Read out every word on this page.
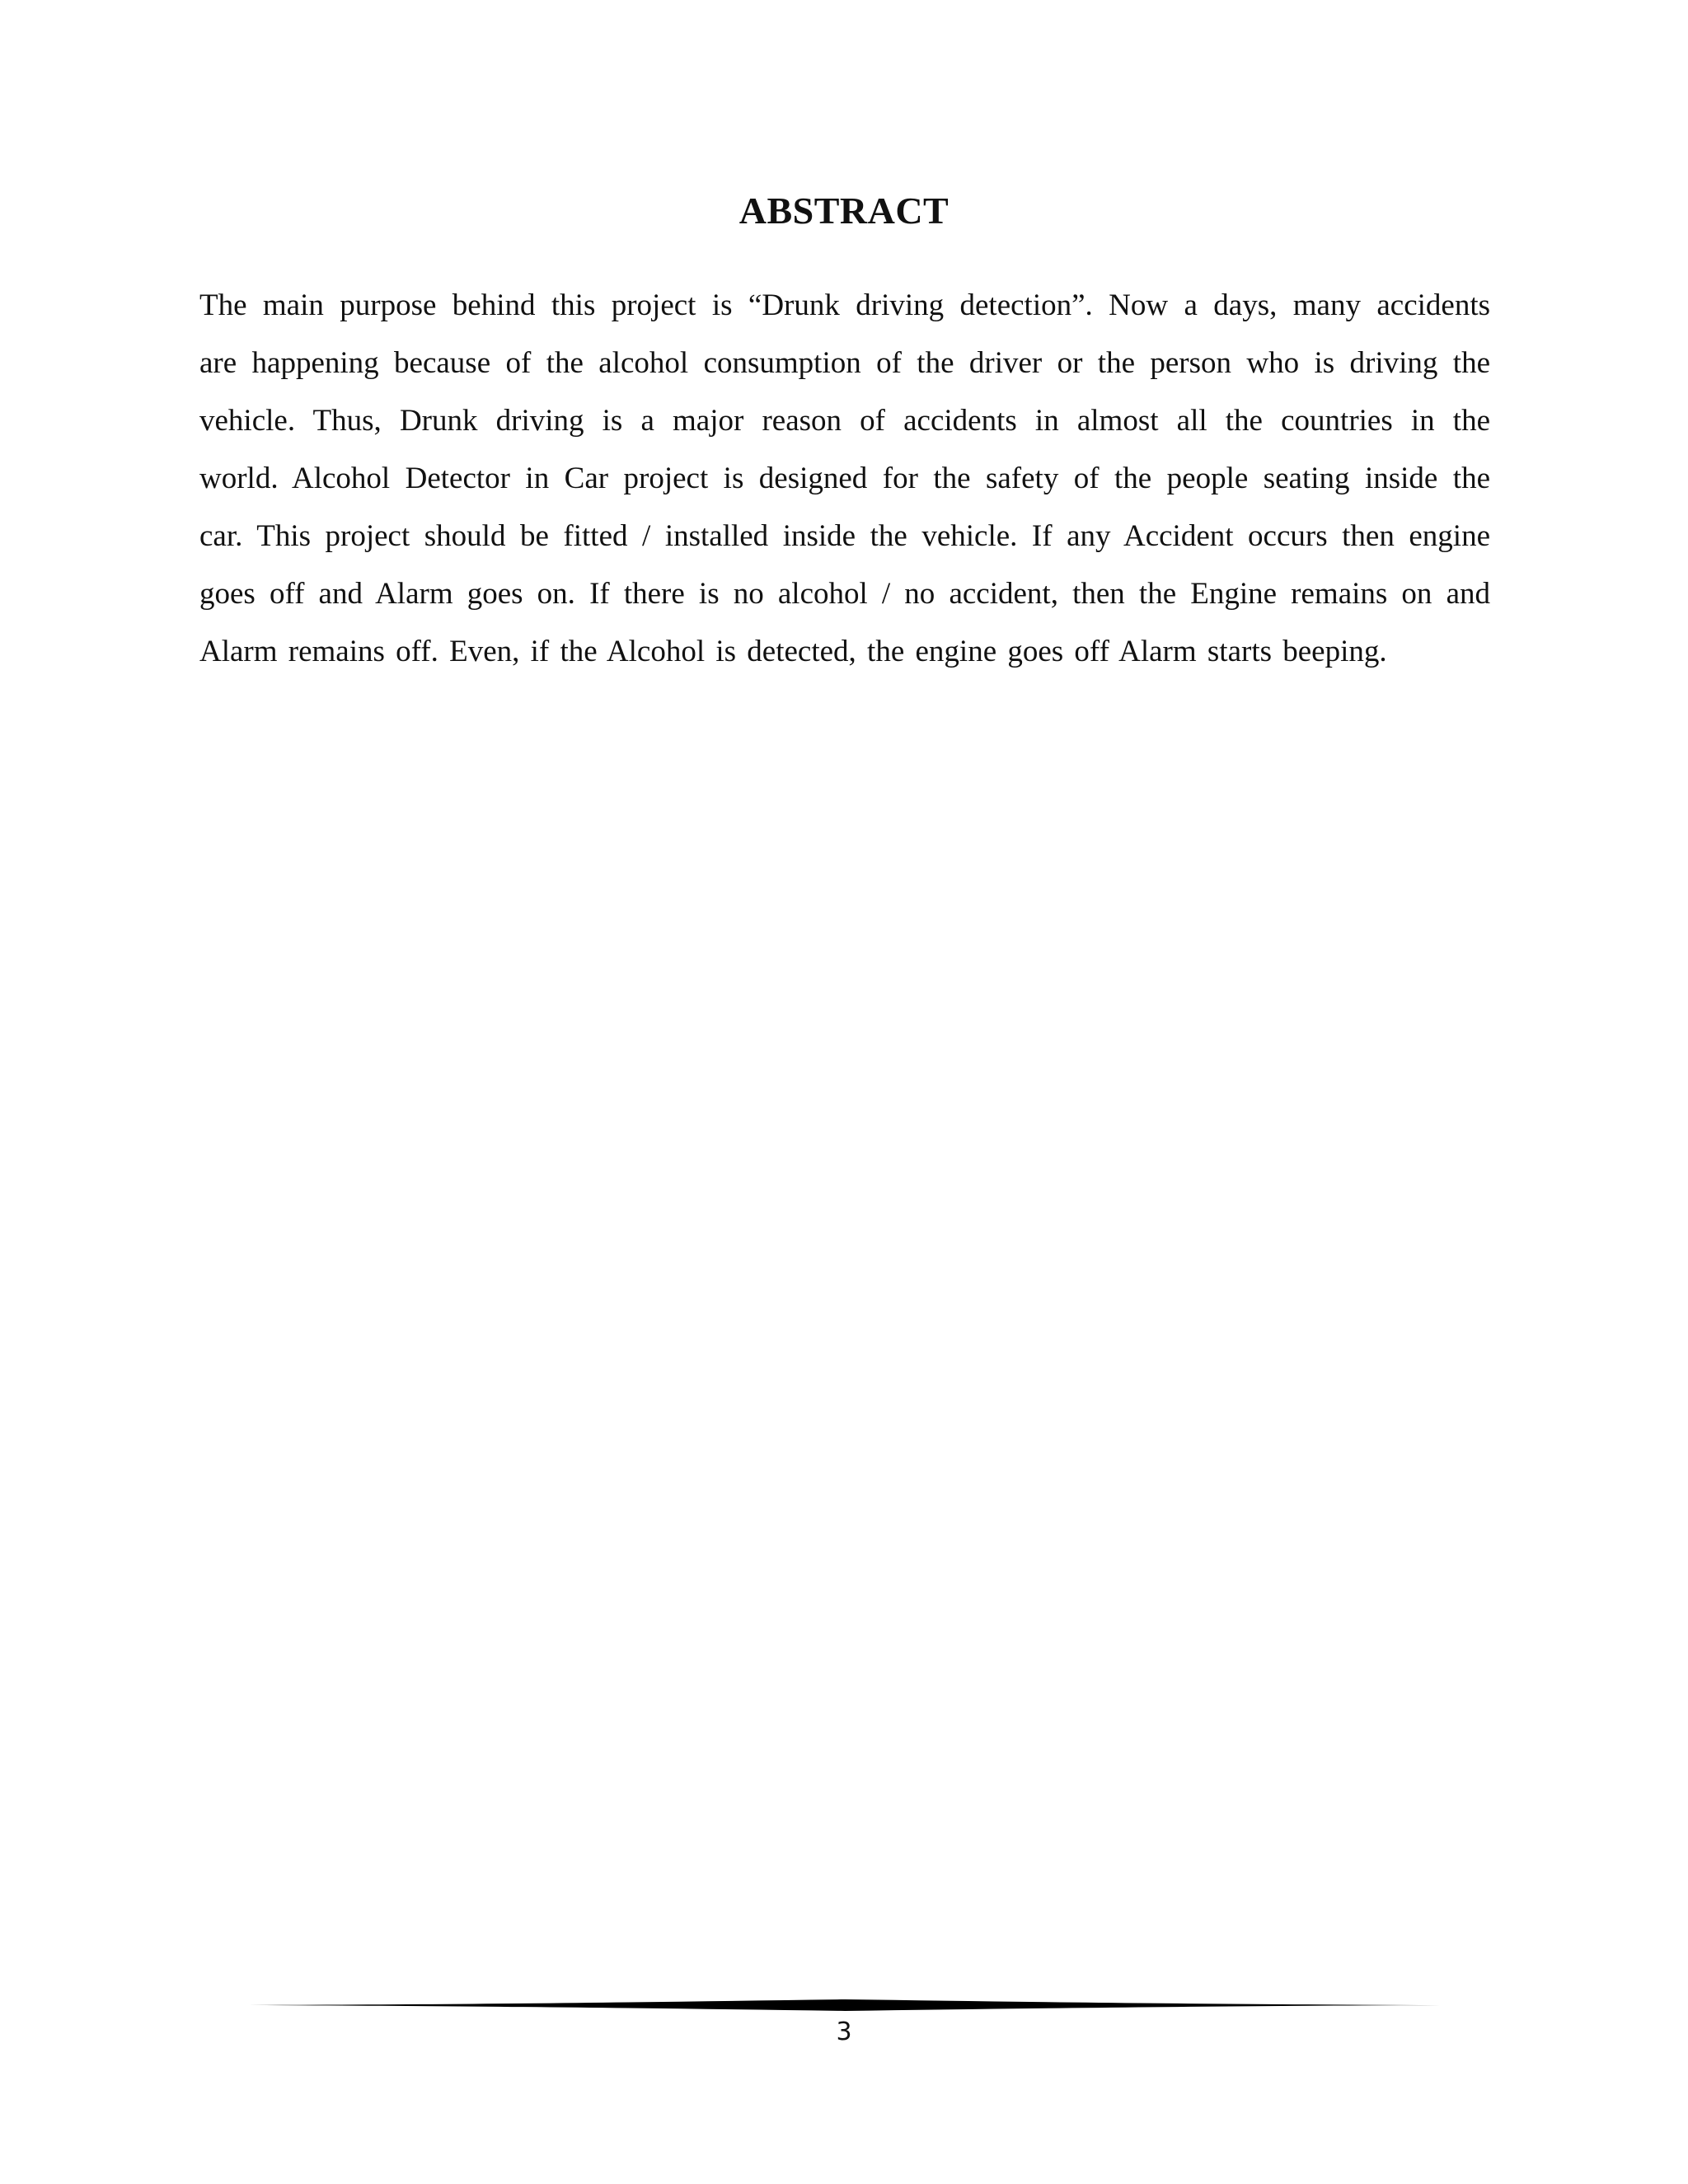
ABSTRACT
The main purpose behind this project is “Drunk driving detection”. Now a days, many accidents
are happening because of the alcohol consumption of the driver or the person who is driving the
vehicle. Thus, Drunk driving is a major reason of accidents in almost all the countries in the
world. Alcohol Detector in Car project is designed for the safety of the people seating inside the
car. This project should be fitted / installed inside the vehicle. If any Accident occurs then engine
goes off and Alarm goes on. If there is no alcohol / no accident, then the Engine remains on and
Alarm remains off. Even, if the Alcohol is detected, the engine goes off Alarm starts beeping.
3
